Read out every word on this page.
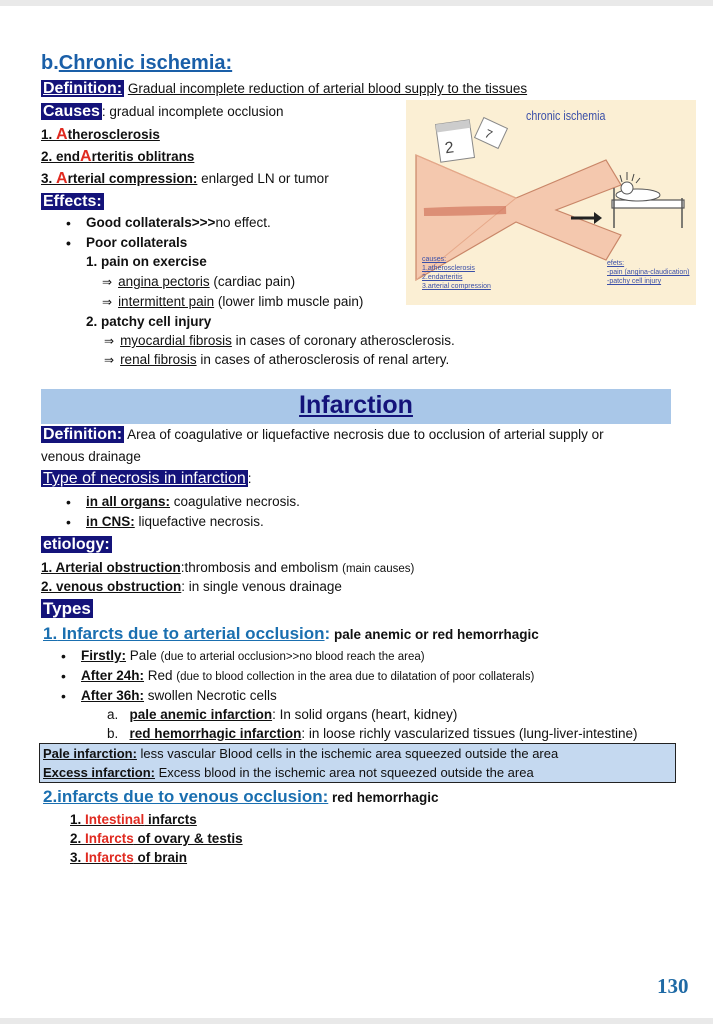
b.Chronic ischemia:
Definition: Gradual incomplete reduction of arterial blood supply to the tissues
Causes : gradual incomplete occlusion
1. Atherosclerosis
2. endArteritis oblitrans
3. Arterial compression: enlarged LN or tumor
Effects:
• Good collaterals>>>no effect.
• Poor collaterals
1. pain on exercise
⇒ angina pectoris (cardiac pain)
⇒ intermittent pain (lower limb muscle pain)
2. patchy cell injury
⇒ myocardial fibrosis in cases of coronary atherosclerosis.
⇒ renal fibrosis in cases of atherosclerosis of renal artery.
2
7
chronic ischemia
causes:
1.atherosclerosis
2.endarteritis
3.arterial compression
efets:
-pain (angina-claudication)
-patchy cell injury
Infarction
Definition: Area of coagulative or liquefactive necrosis due to occlusion of arterial supply or
venous drainage
Type of necrosis in infarction :
• in all organs: coagulative necrosis.
• in CNS: liquefactive necrosis.
etiology:
1. Arterial obstruction:thrombosis and embolism (main causes)
2. venous obstruction: in single venous drainage
Types
1. Infarcts due to arterial occlusion: pale anemic or red hemorrhagic
• Firstly: Pale (due to arterial occlusion>>no blood reach the area)
• After 24h: Red (due to blood collection in the area due to dilatation of poor collaterals)
• After 36h: swollen Necrotic cells
a. pale anemic infarction: In solid organs (heart, kidney)
b. red hemorrhagic infarction: in loose richly vascularized tissues (lung-liver-intestine)
Pale infarction: less vascular Blood cells in the ischemic area squeezed outside the area
Excess infarction: Excess blood in the ischemic area not squeezed outside the area
2.infarcts due to venous occlusion: red hemorrhagic
1. Intestinal infarcts
2. Infarcts of ovary & testis
3. Infarcts of brain
130
